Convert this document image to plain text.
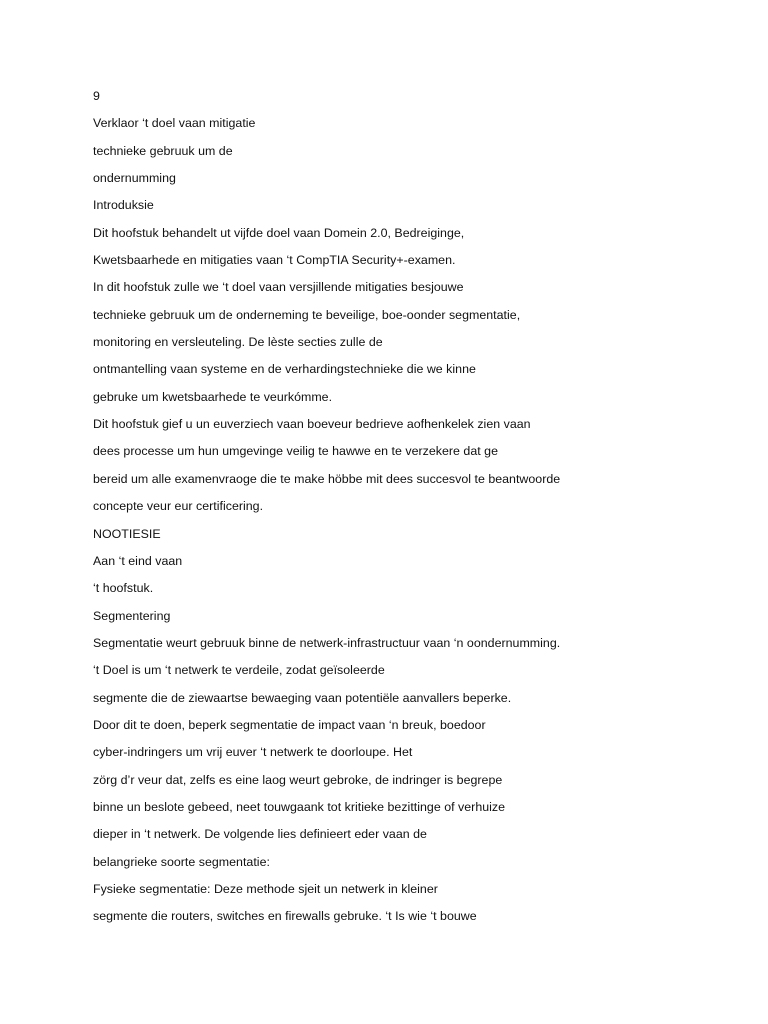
9
Verklaor ‘t doel vaan mitigatie
technieke gebruuk um de
ondernumming
Introduksie
Dit hoofstuk behandelt ut vijfde doel vaan Domein 2.0, Bedreiginge,
Kwetsbaarhede en mitigaties vaan ‘t CompTIA Security+-examen.
In dit hoofstuk zulle we ‘t doel vaan versjillende mitigaties besjouwe
technieke gebruuk um de onderneming te beveilige, boe-oonder segmentatie,
monitoring en versleuteling. De lèste secties zulle de
ontmantelling vaan systeme en de verhardingstechnieke die we kinne
gebruke um kwetsbaarhede te veurkómme.
Dit hoofstuk gief u un euverziech vaan boeveur bedrieve aofhenkelek zien vaan
dees processe um hun umgevinge veilig te hawwe en te verzekere dat ge
bereid um alle examenvraoge die te make höbbe mit dees succesvol te beantwoorde
concepte veur eur certificering.
NOOTIESIE
Aan ‘t eind vaan
‘t hoofstuk.
Segmentering
Segmentatie weurt gebruuk binne de netwerk-infrastructuur vaan ‘n oondernumming.
‘t Doel is um ‘t netwerk te verdeile, zodat geïsoleerde
segmente die de ziewaartse bewaeging vaan potentiële aanvallers beperke.
Door dit te doen, beperk segmentatie de impact vaan ‘n breuk, boedoor
cyber-indringers um vrij euver ‘t netwerk te doorloupe. Het
zörg d’r veur dat, zelfs es eine laog weurt gebroke, de indringer is begrepe
binne un beslote gebeed, neet touwgaank tot kritieke bezittinge of verhuize
dieper in ‘t netwerk. De volgende lies definieert eder vaan de
belangrieke soorte segmentatie:
Fysieke segmentatie: Deze methode sjeit un netwerk in kleiner
segmente die routers, switches en firewalls gebruke. ‘t Is wie ‘t bouwe
